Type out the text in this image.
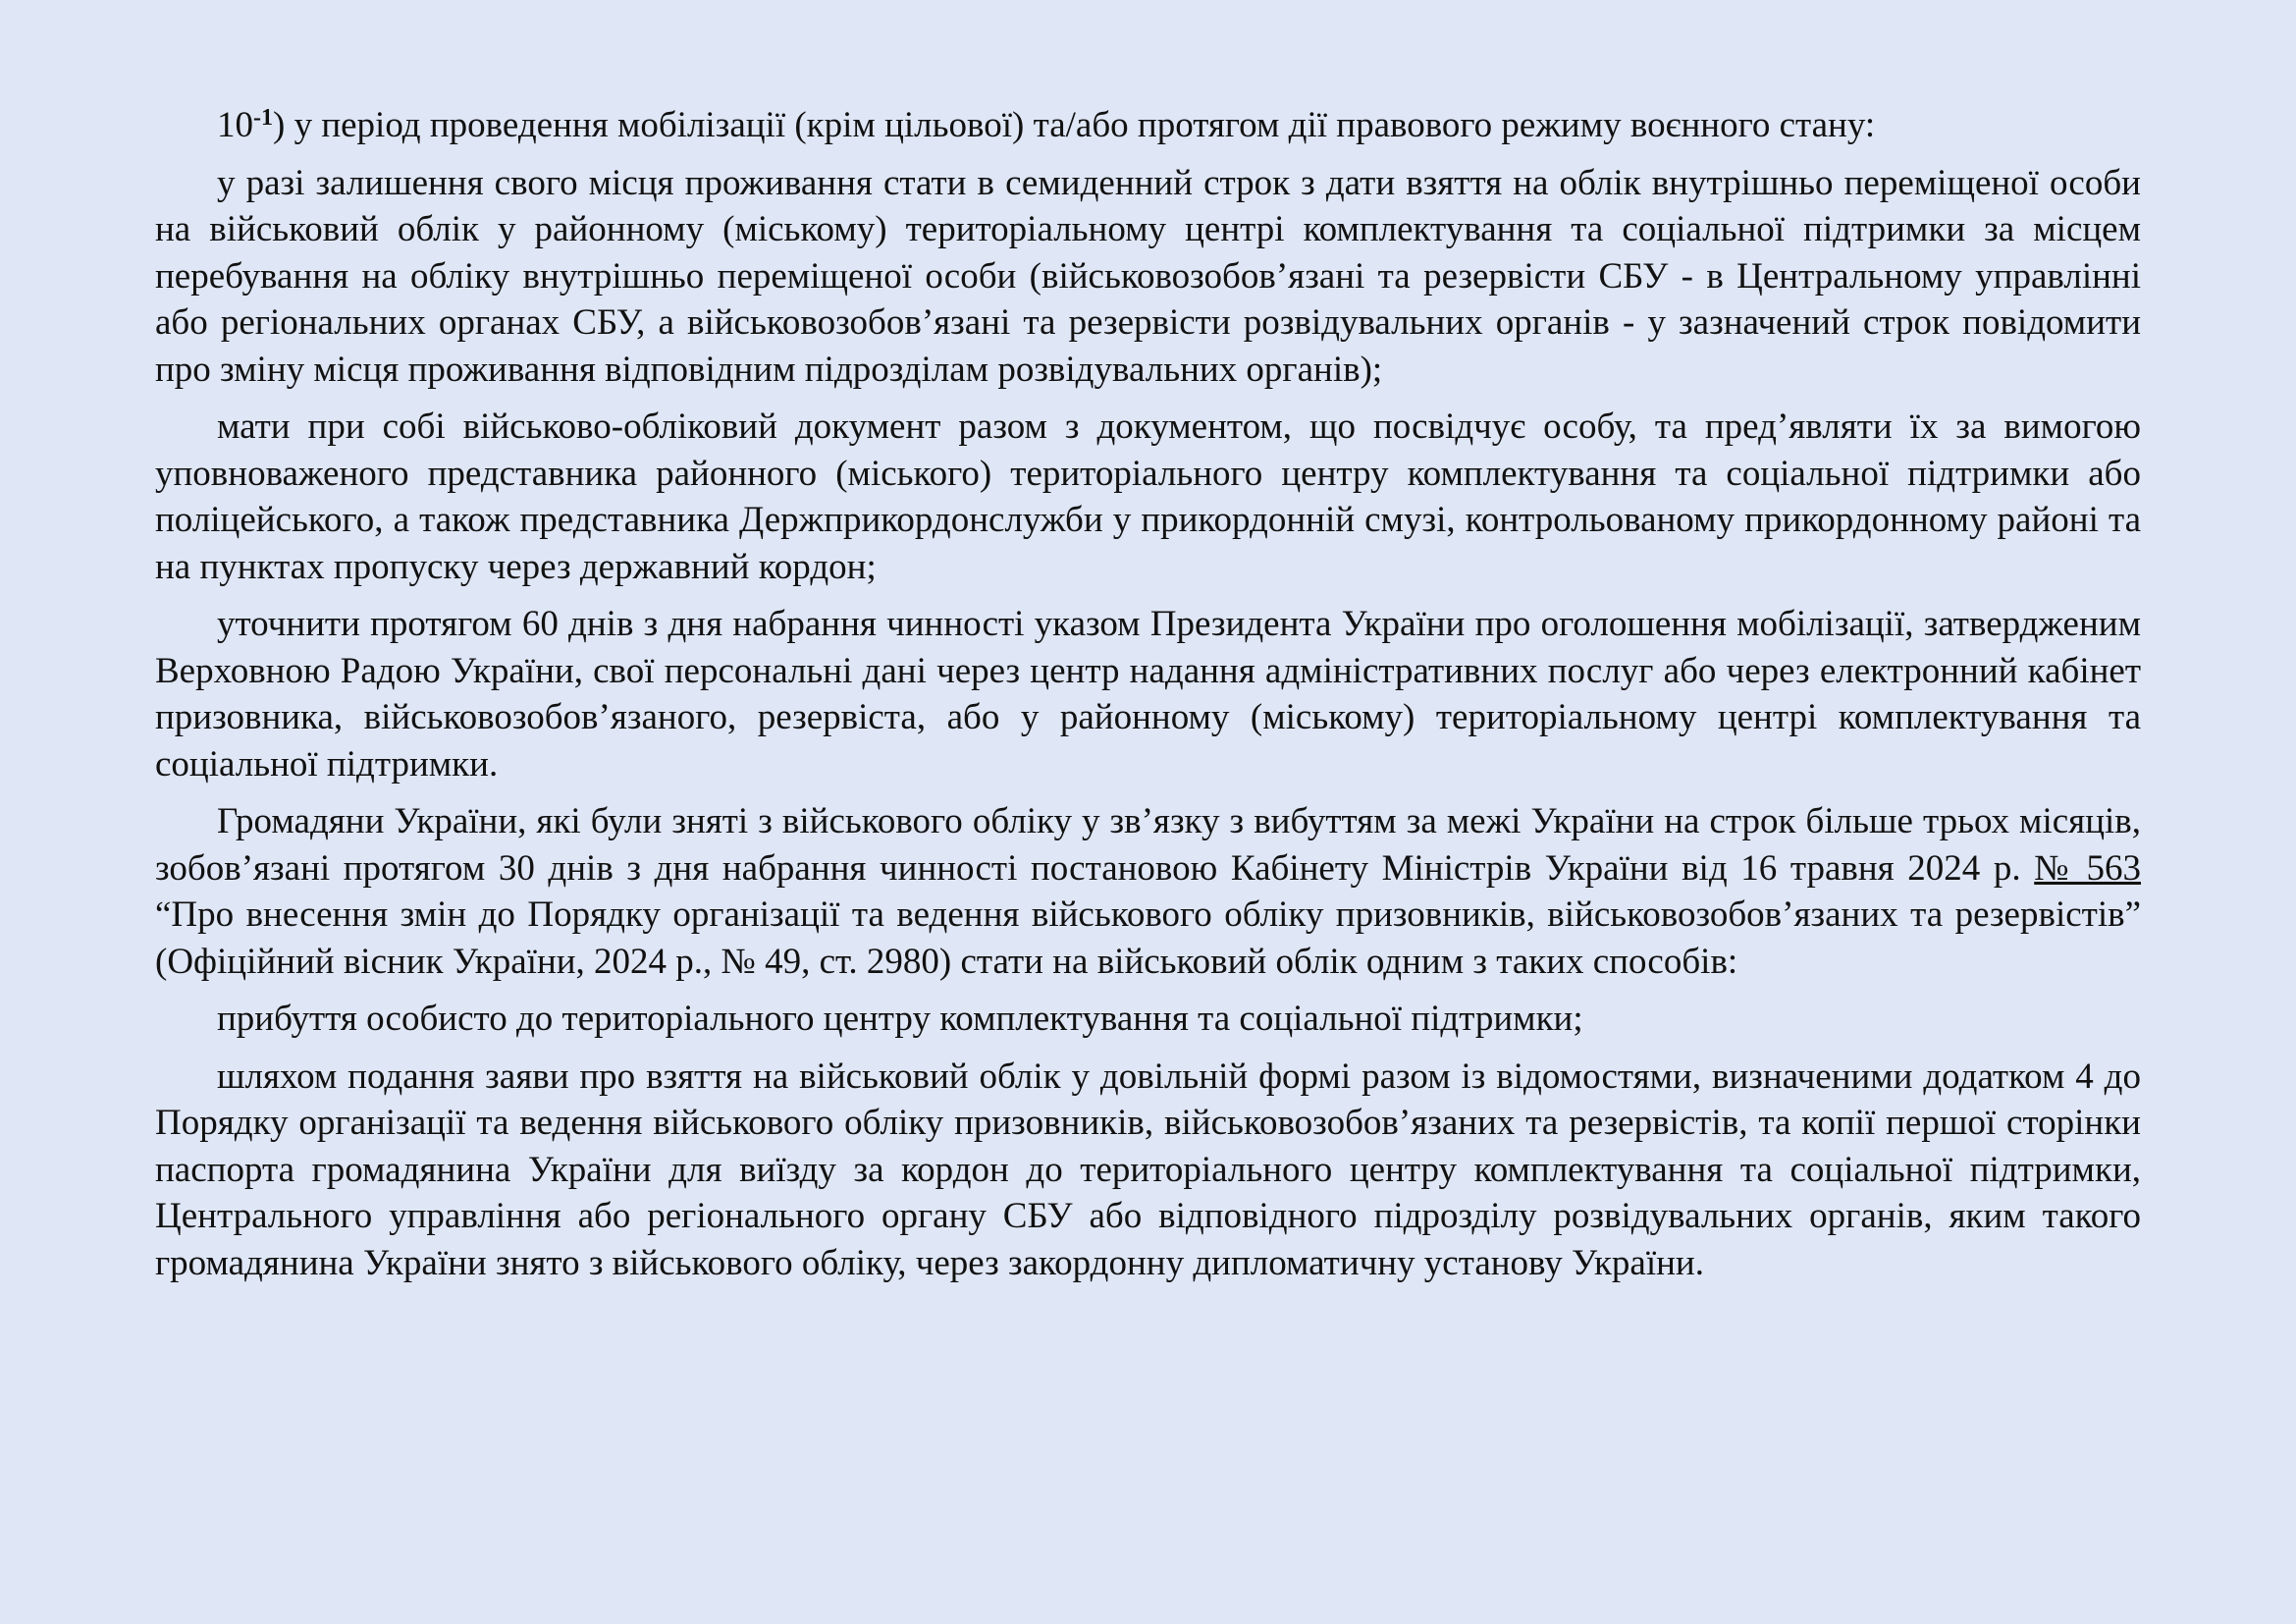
$10^{-1}$) у період проведення мобілізації (крім цільової) та/або протягом дії правового режиму воєнного стану:

у разі залишення свого місця проживання стати в семиденний строк з дати взяття на облік внутрішньо переміщеної особи на військовий облік у районному (міському) територіальному центрі комплектування та соціальної підтримки за місцем перебування на обліку внутрішньо переміщеної особи (військовозобов’язані та резервісти СБУ - в Центральному управлінні або регіональних органах СБУ, а військовозобов’язані та резервісти розвідувальних органів - у зазначений строк повідомити про зміну місця проживання відповідним підрозділам розвідувальних органів);

мати при собі військово-обліковий документ разом з документом, що посвідчує особу, та пред’являти їх за вимогою уповноваженого представника районного (міського) територіального центру комплектування та соціальної підтримки або поліцейського, а також представника Держприкордонслужби у прикордонній смузі, контрольованому прикордонному районі та на пунктах пропуску через державний кордон;

уточнити протягом 60 днів з дня набрання чинності указом Президента України про оголошення мобілізації, затвердженим Верховною Радою України, свої персональні дані через центр надання адміністративних послуг або через електронний кабінет призовника, військовозобов’язаного, резервіста, або у районному (міському) територіальному центрі комплектування та соціальної підтримки.

Громадяни України, які були зняті з військового обліку у зв’язку з вибуттям за межі України на строк більше трьох місяців, зобов’язані протягом 30 днів з дня набрання чинності постановою Кабінету Міністрів України від 16 травня 2024 р. № 563 “Про внесення змін до Порядку організації та ведення військового обліку призовників, військовозобов’язаних та резервістів” (Офіційний вісник України, 2024 р., № 49, ст. 2980) стати на військовий облік одним з таких способів:

прибуття особисто до територіального центру комплектування та соціальної підтримки;

шляхом подання заяви про взяття на військовий облік у довільній формі разом із відомостями, визначеними додатком 4 до Порядку організації та ведення військового обліку призовників, військовозобов’язаних та резервістів, та копії першої сторінки паспорта громадянина України для виїзду за кордон до територіального центру комплектування та соціальної підтримки, Центрального управління або регіонального органу СБУ або відповідного підрозділу розвідувальних органів, яким такого громадянина України знято з військового обліку, через закордонну дипломатичну установу України.
